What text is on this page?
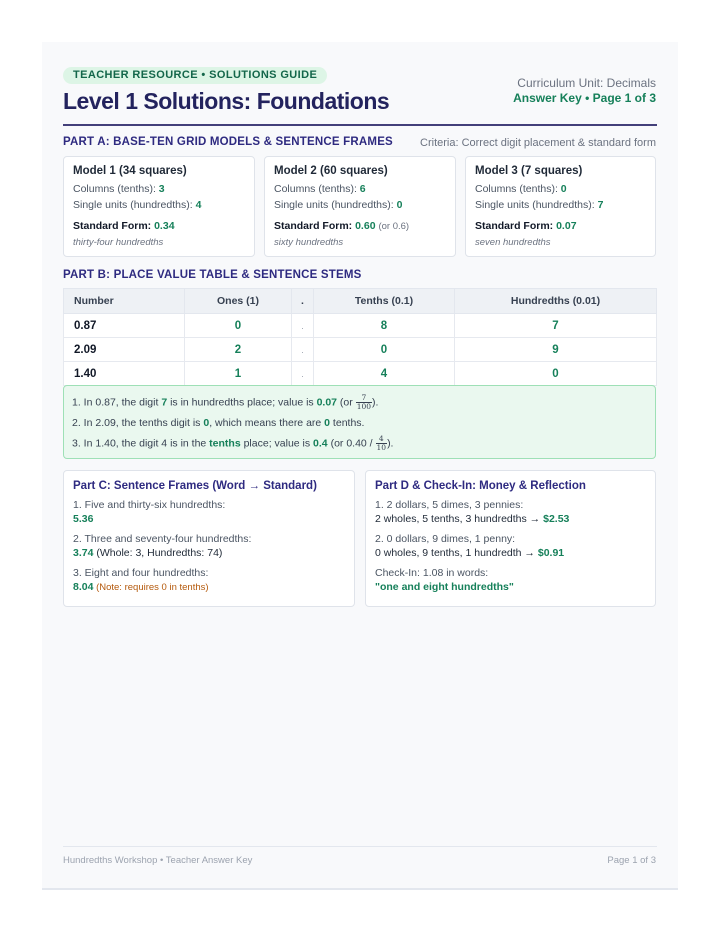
TEACHER RESOURCE • SOLUTIONS GUIDE
Level 1 Solutions: Foundations
Curriculum Unit: Decimals
Answer Key • Page 1 of 3
PART A: BASE-TEN GRID MODELS & SENTENCE FRAMES Criteria: Correct digit placement & standard form
Model 1 (34 squares)
Columns (tenths): 3
Single units (hundredths): 4
Standard Form: 0.34
thirty-four hundredths
Model 2 (60 squares)
Columns (tenths): 6
Single units (hundredths): 0
Standard Form: 0.60 (or 0.6)
sixty hundredths
Model 3 (7 squares)
Columns (tenths): 0
Single units (hundredths): 7
Standard Form: 0.07
seven hundredths
PART B: PLACE VALUE TABLE & SENTENCE STEMS
Number	Ones (1)	.	Tenths (0.1)	Hundredths (0.01)
0.87	0	.	8	7
2.09	2	.	0	9
1.40	1	.	4	0
1. In 0.87, the digit 7 is in hundredths place; value is 0.07 ($or \frac{7}{100}$ ).
2. In 2.09, the tenths digit is 0, which means there are 0 tenths.
3. In 1.40, the digit 4 is in the tenths place; value is 0.4 (or $0.40 / \frac{4}{10}$ ).
Part C: Sentence Frames (Word → Standard)
1. Five and thirty-six hundredths:
5.36
2. Three and seventy-four hundredths:
3.74 (Whole: 3, Hundredths: 74)
3. Eight and four hundredths:
8.04 (Note: requires 0 in tenths)
Part D & Check-In: Money & Reflection
1. 2 dollars, 5 dimes, 3 pennies:
2 wholes, 5 tenths, 3 hundredths → $2.53
2. 0 dollars, 9 dimes, 1 penny:
0 wholes, 9 tenths, 1 hundredth → $0.91
Check-In: 1.08 in words:
"one and eight hundredths"
Hundredths Workshop • Teacher Answer Key	Page 1 of 3
